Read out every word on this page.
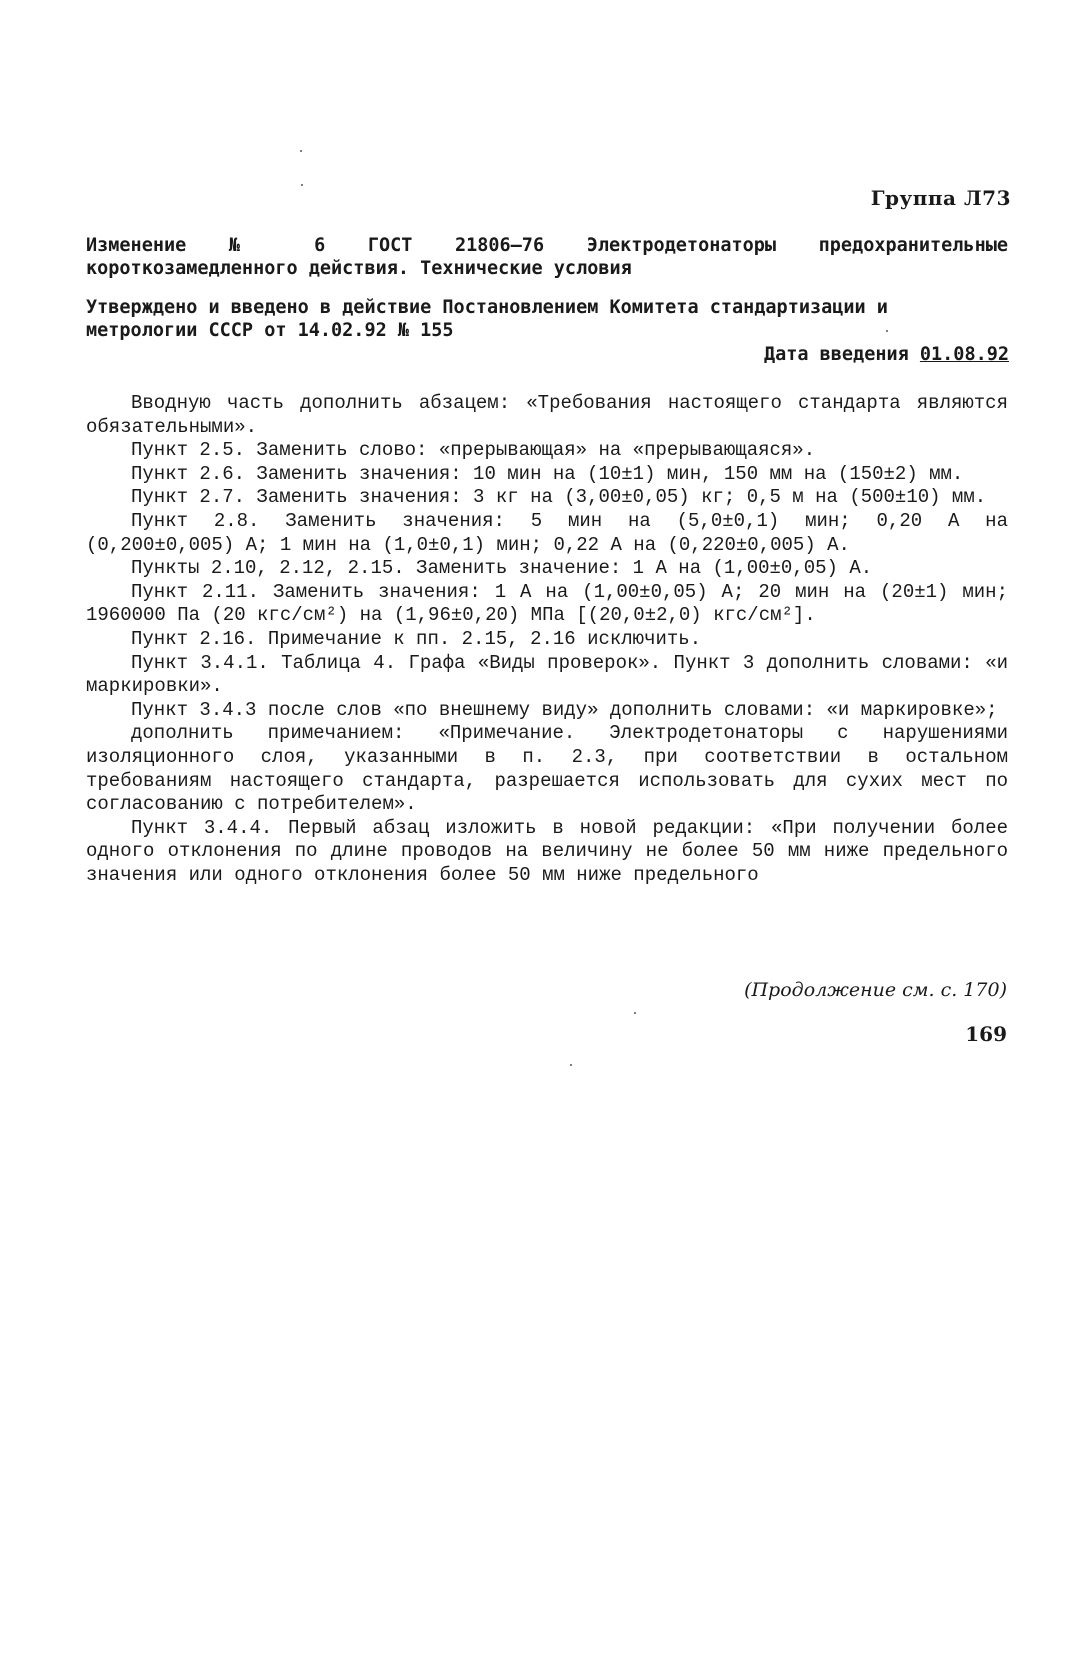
Группа Л73
Изменение № 6 ГОСТ 21806—76 Электродетонаторы предохранительные короткозамедленного действия. Технические условия
Утверждено и введено в действие Постановлением Комитета стандартизации и метрологии СССР от 14.02.92 № 155
Дата введения 01.08.92

Вводную часть дополнить абзацем: «Требования настоящего стандарта являются обязательными».

Пункт 2.5. Заменить слово: «прерывающая» на «прерывающаяся».

Пункт 2.6. Заменить значения: 10 мин на (10±1) мин, 150 мм на (150±2) мм.

Пункт 2.7. Заменить значения: 3 кг на (3,00±0,05) кг; 0,5 м на (500±10) мм.

Пункт 2.8. Заменить значения: 5 мин на (5,0±0,1) мин; 0,20 А на (0,200±0,005) А; 1 мин на (1,0±0,1) мин; 0,22 А на (0,220±0,005) А.

Пункты 2.10, 2.12, 2.15. Заменить значение: 1 А на (1,00±0,05) А.

Пункт 2.11. Заменить значения: 1 А на (1,00±0,05) А; 20 мин на (20±1) мин; 1960000 Па (20 кгс/см²) на (1,96±0,20) МПа [(20,0±2,0) кгс/см²].

Пункт 2.16. Примечание к пп. 2.15, 2.16 исключить.

Пункт 3.4.1. Таблица 4. Графа «Виды проверок». Пункт 3 дополнить словами: «и маркировки».

Пункт 3.4.3 после слов «по внешнему виду» дополнить словами: «и маркировке»;

дополнить примечанием: «Примечание. Электродетонаторы с нарушениями изоляционного слоя, указанными в п. 2.3, при соответствии в остальном требованиям настоящего стандарта, разрешается использовать для сухих мест по согласованию с потребителем».

Пункт 3.4.4. Первый абзац изложить в новой редакции: «При получении более одного отклонения по длине проводов на величину не более 50 мм ниже предельного значения или одного отклонения более 50 мм ниже предельного

(Продолжение см. с. 170)
169
